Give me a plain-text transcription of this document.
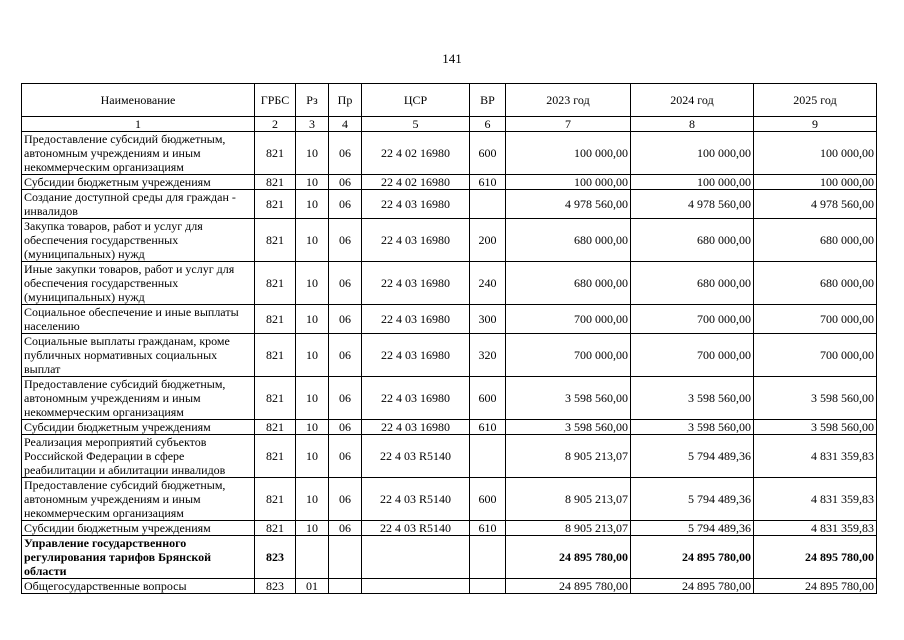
141
Наименование	ГРБС	Рз	Пр	ЦСР	ВР	2023 год	2024 год	2025 год
1	2	3	4	5	6	7	8	9

Предоставление субсидий бюджетным,
автономным учреждениям и иным
некоммерческим организациям	821	10	06	22 4 02 16980	600	100 000,00	100 000,00	100 000,00

Субсидии бюджетным учреждениям	821	10	06	22 4 02 16980	610	100 000,00	100 000,00	100 000,00

Создание доступной среды для граждан -
инвалидов	821	10	06	22 4 03 16980		4 978 560,00	4 978 560,00	4 978 560,00

Закупка товаров, работ и услуг для
обеспечения государственных
(муниципальных) нужд	821	10	06	22 4 03 16980	200	680 000,00	680 000,00	680 000,00

Иные закупки товаров, работ и услуг для
обеспечения государственных
(муниципальных) нужд	821	10	06	22 4 03 16980	240	680 000,00	680 000,00	680 000,00

Социальное обеспечение и иные выплаты
населению	821	10	06	22 4 03 16980	300	700 000,00	700 000,00	700 000,00

Социальные выплаты гражданам, кроме
публичных нормативных социальных
выплат	821	10	06	22 4 03 16980	320	700 000,00	700 000,00	700 000,00

Предоставление субсидий бюджетным,
автономным учреждениям и иным
некоммерческим организациям	821	10	06	22 4 03 16980	600	3 598 560,00	3 598 560,00	3 598 560,00

Субсидии бюджетным учреждениям	821	10	06	22 4 03 16980	610	3 598 560,00	3 598 560,00	3 598 560,00

Реализация мероприятий субъектов
Российской Федерации в сфере
реабилитации и абилитации инвалидов	821	10	06	22 4 03 R5140		8 905 213,07	5 794 489,36	4 831 359,83

Предоставление субсидий бюджетным,
автономным учреждениям и иным
некоммерческим организациям	821	10	06	22 4 03 R5140	600	8 905 213,07	5 794 489,36	4 831 359,83

Субсидии бюджетным учреждениям	821	10	06	22 4 03 R5140	610	8 905 213,07	5 794 489,36	4 831 359,83

Управление государственного
регулирования тарифов Брянской
области	823					24 895 780,00	24 895 780,00	24 895 780,00

Общегосударственные вопросы	823	01				24 895 780,00	24 895 780,00	24 895 780,00
